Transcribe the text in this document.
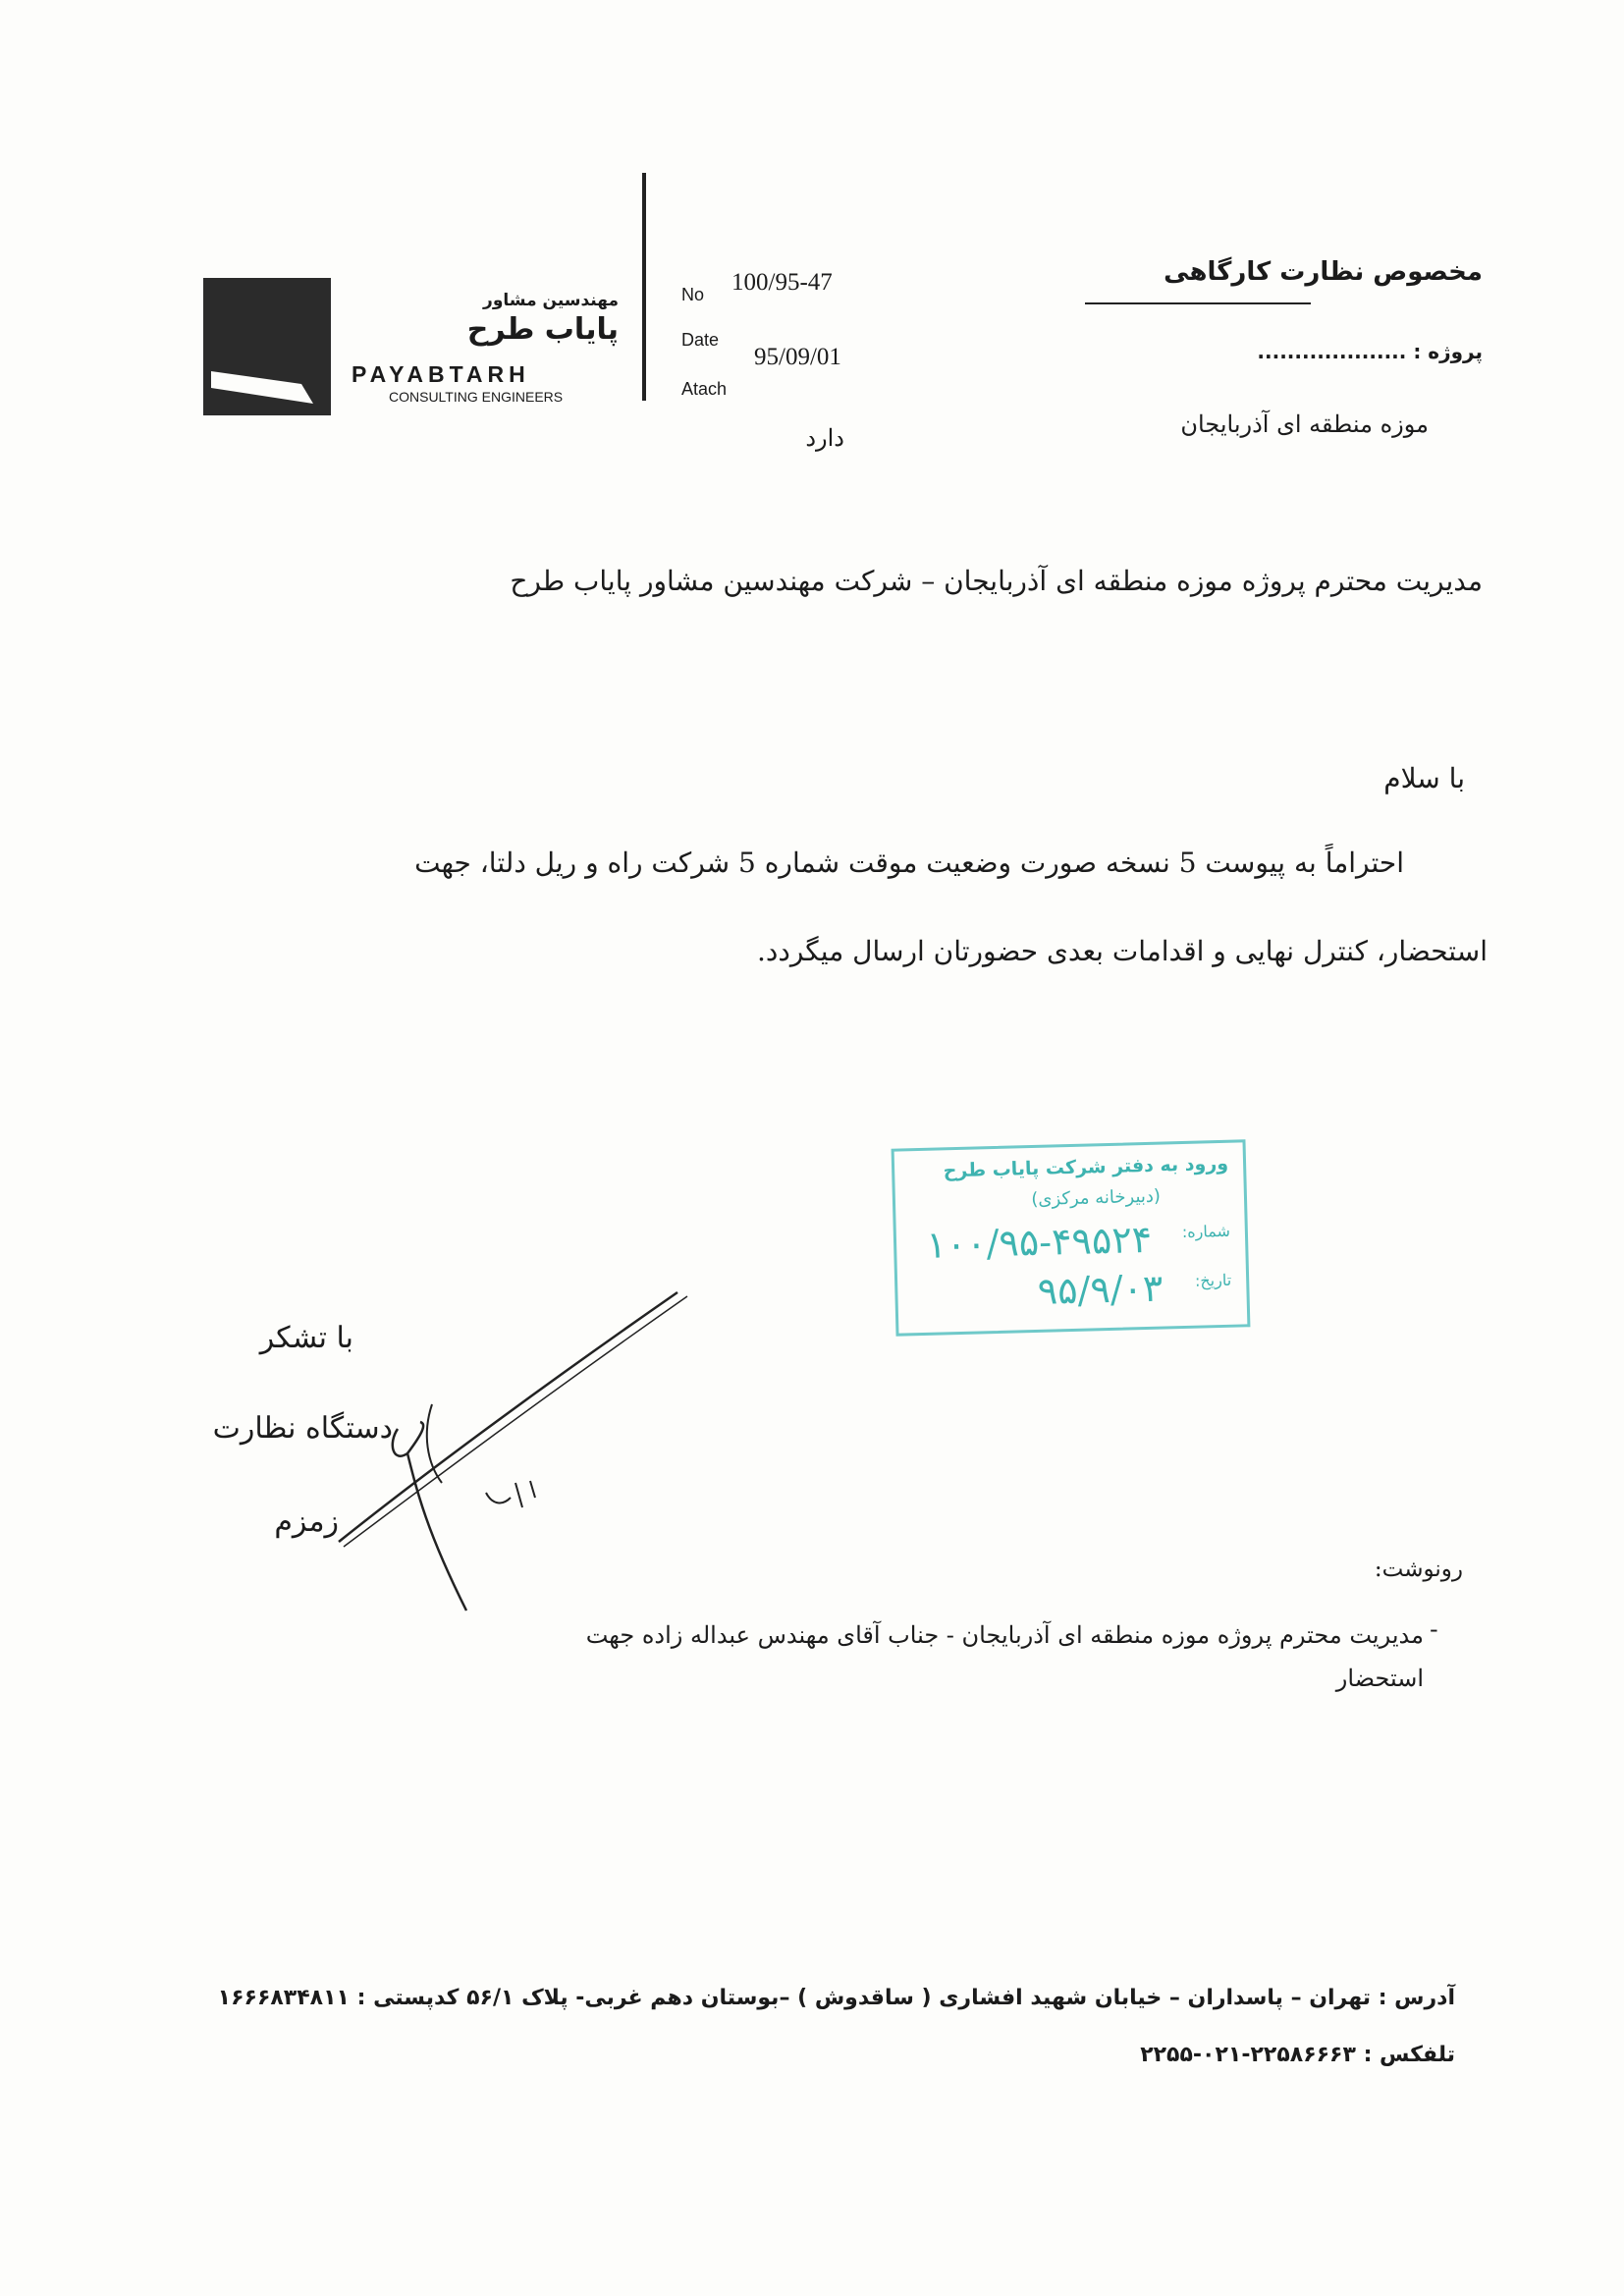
مهندسین مشاور
پایاب طرح
PAYABTARH
CONSULTING ENGINEERS
No 100/95-47
Date
95/09/01
Atach
دارد
مخصوص نظارت کارگاهی
پروژه : ....................
موزه منطقه ای آذربایجان
مدیریت محترم پروژه موزه منطقه ای آذربایجان – شرکت مهندسین مشاور پایاب طرح
با سلام
احتراماً به پیوست 5 نسخه صورت وضعیت موقت شماره 5 شرکت راه و ریل دلتا، جهت
استحضار، کنترل نهایی و اقدامات بعدی حضورتان ارسال میگردد.
ورود به دفتر شرکت پایاب طرح
(دبیرخانه مرکزی)
شماره:
۱۰۰/۹۵-۴۹۵۲۴
تاریخ:
۹۵/۹/۰۳
با تشکر
دستگاه نظارت
زمزم
رونوشت:
-
مدیریت محترم پروژه موزه منطقه ای آذربایجان - جناب آقای مهندس عبداله زاده جهت استحضار
آدرس : تهران – پاسداران – خیابان شهید افشاری ( ساقدوش ) –بوستان دهم غربی- پلاک ۵۶/۱ کدپستی : ۱۶۶۶۸۳۴۸۱۱
تلفکس : ۲۲۵۸۶۶۶۳-۰۲۱-۲۲۵۵
